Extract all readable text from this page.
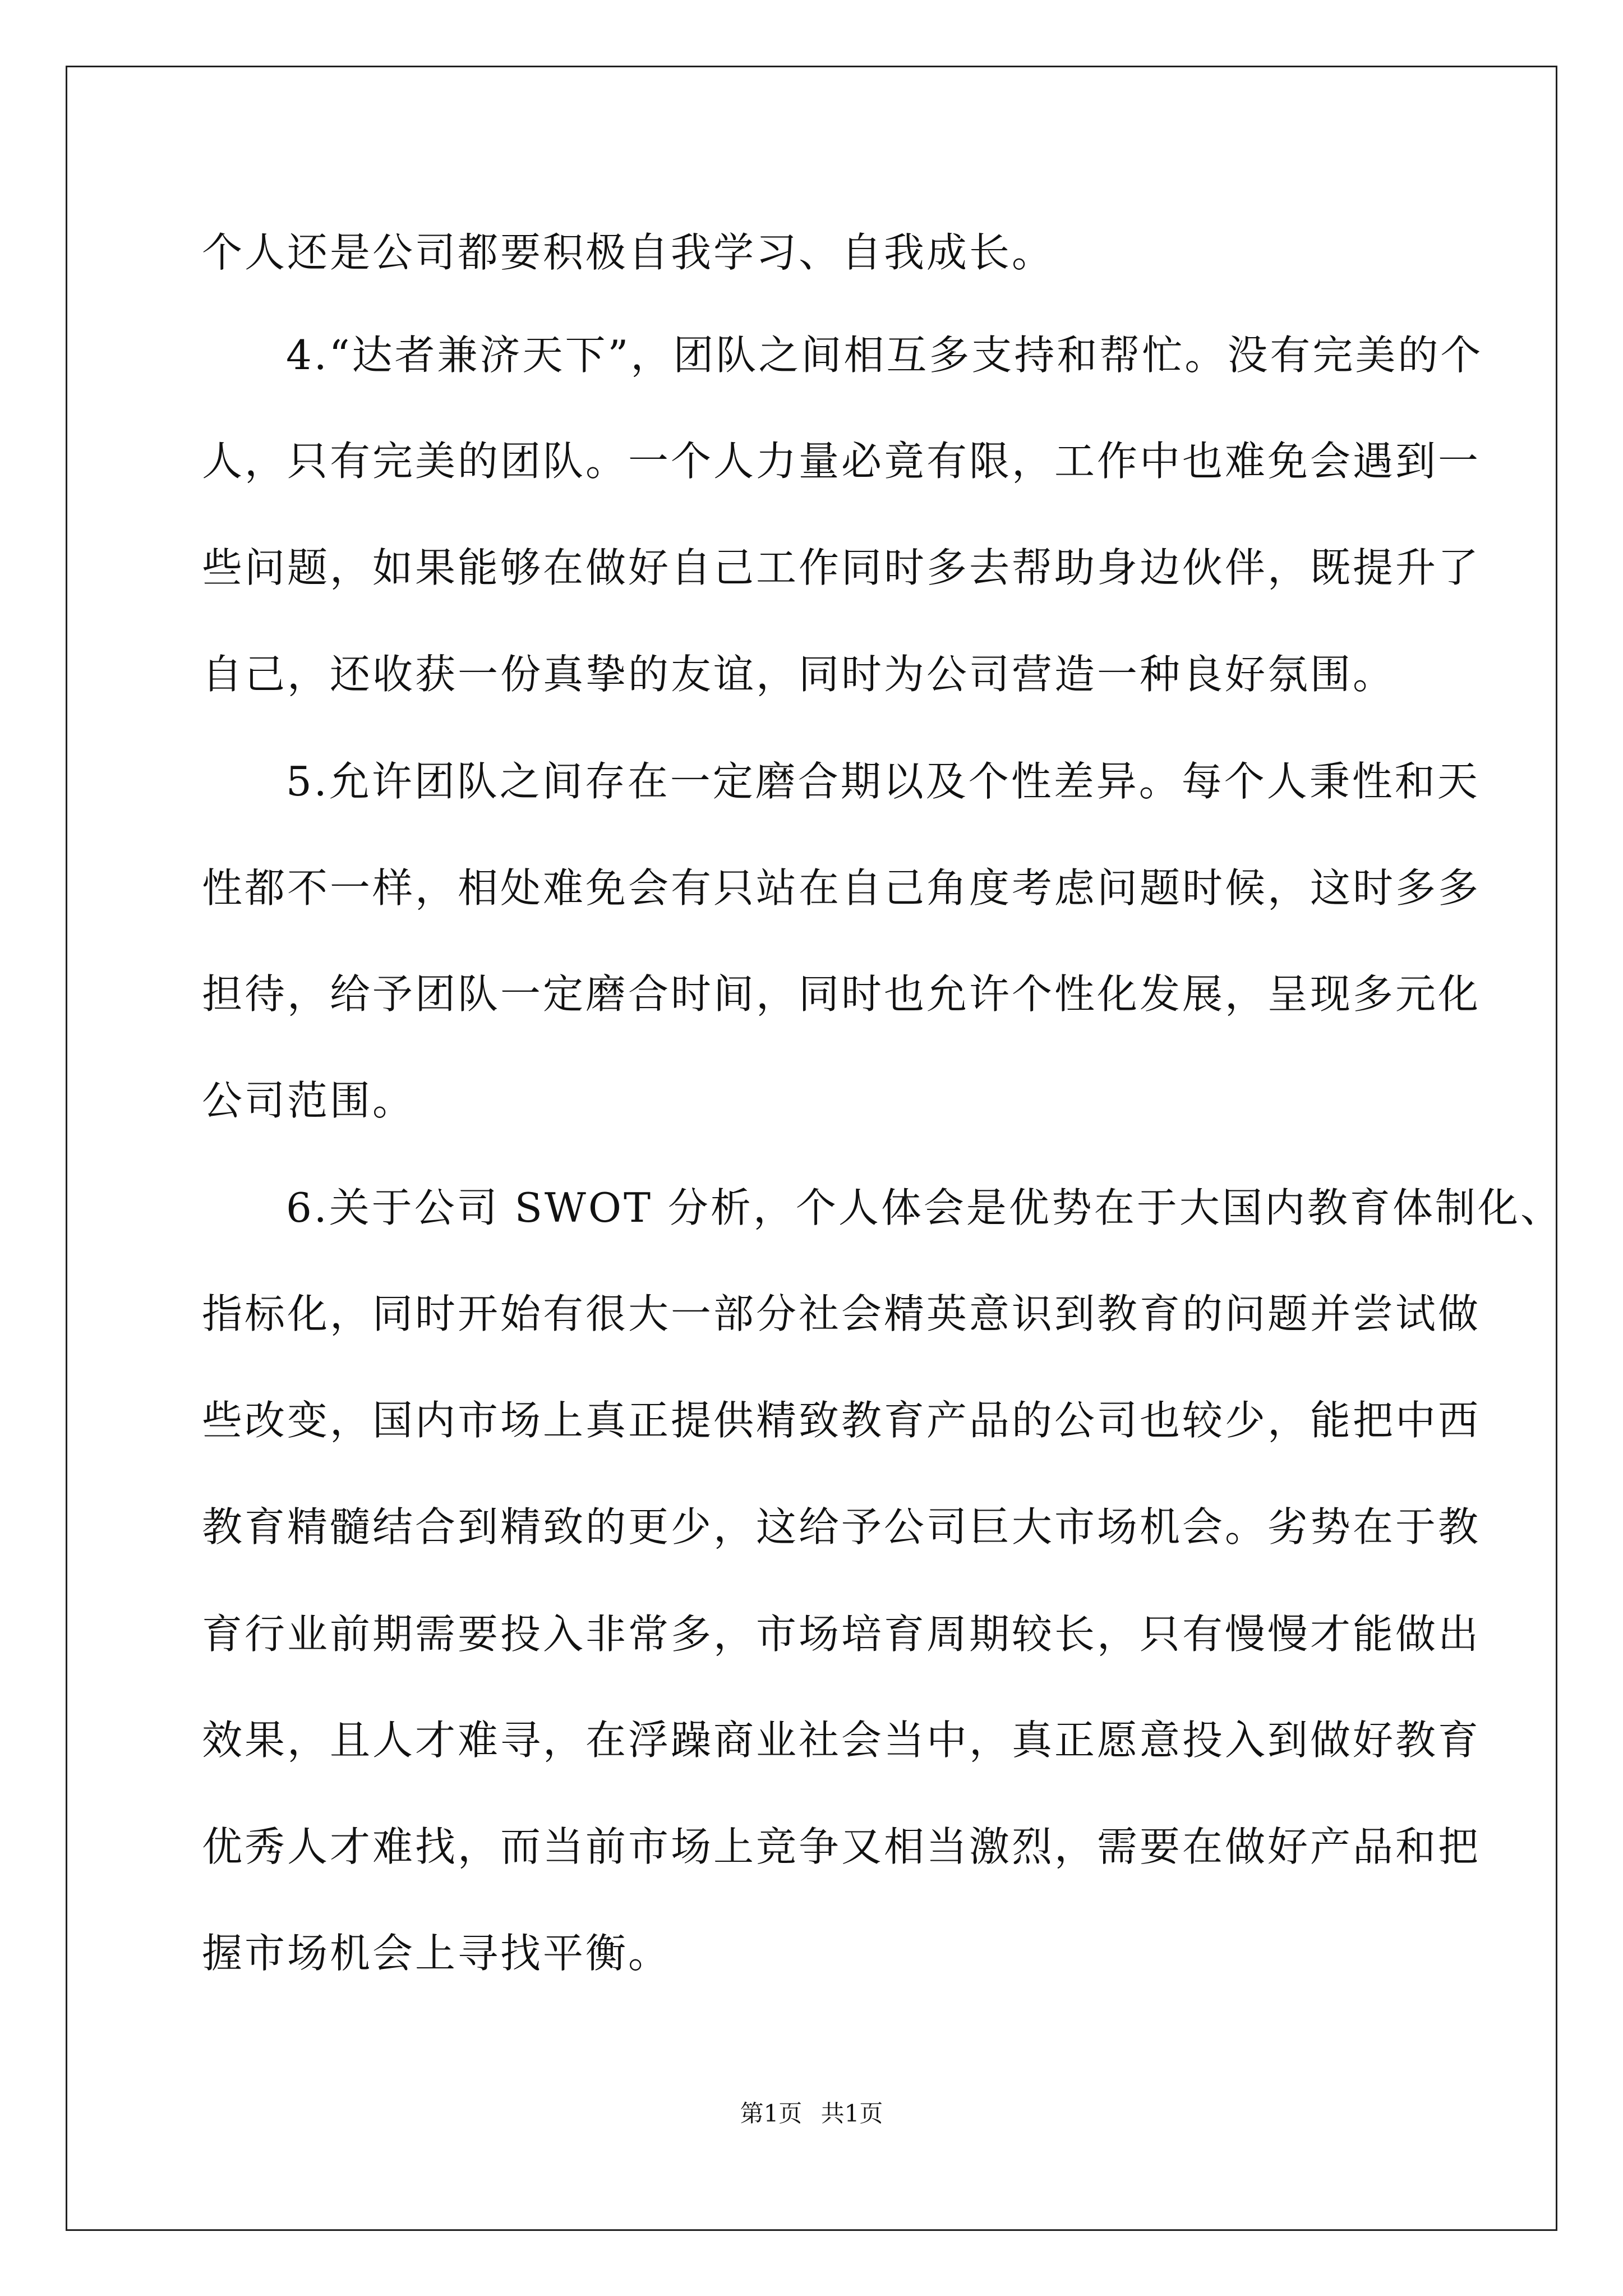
个人还是公司都要积极自我学习、自我成长。
4.“达者兼济天下”，团队之间相互多支持和帮忙。没有完美的个
人，只有完美的团队。一个人力量必竟有限，工作中也难免会遇到一
些问题，如果能够在做好自己工作同时多去帮助身边伙伴，既提升了
自己，还收获一份真挚的友谊，同时为公司营造一种良好氛围。
5.允许团队之间存在一定磨合期以及个性差异。每个人秉性和天
性都不一样，相处难免会有只站在自己角度考虑问题时候，这时多多
担待，给予团队一定磨合时间，同时也允许个性化发展，呈现多元化
公司范围。
6.关于公司 SWOT 分析，个人体会是优势在于大国内教育体制化、
指标化，同时开始有很大一部分社会精英意识到教育的问题并尝试做
些改变，国内市场上真正提供精致教育产品的公司也较少，能把中西
教育精髓结合到精致的更少，这给予公司巨大市场机会。劣势在于教
育行业前期需要投入非常多，市场培育周期较长，只有慢慢才能做出
效果，且人才难寻，在浮躁商业社会当中，真正愿意投入到做好教育
优秀人才难找，而当前市场上竞争又相当激烈，需要在做好产品和把
握市场机会上寻找平衡。
第1页 共1页
